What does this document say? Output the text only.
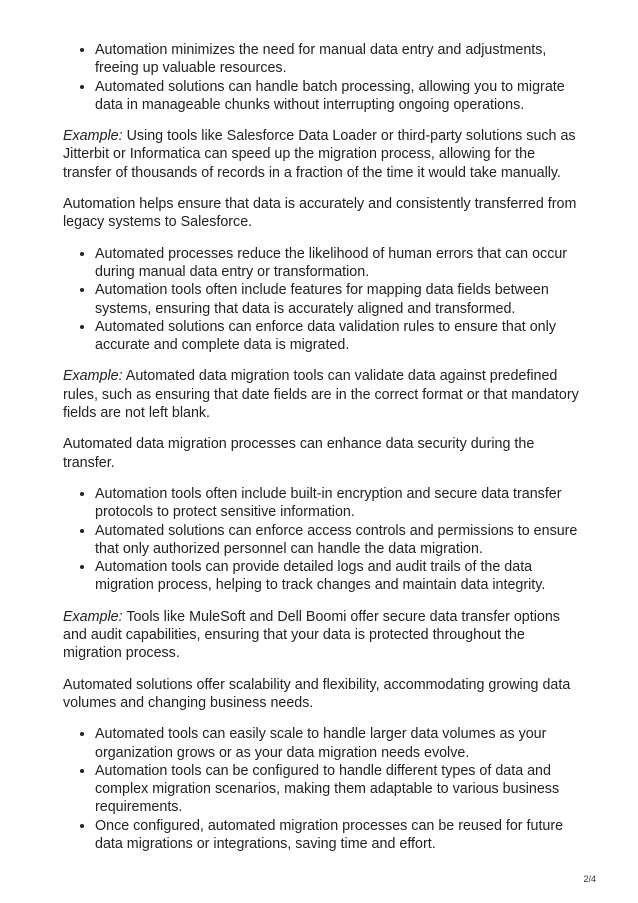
• Automation minimizes the need for manual data entry and adjustments, freeing up valuable resources.
• Automated solutions can handle batch processing, allowing you to migrate data in manageable chunks without interrupting ongoing operations.

Example: Using tools like Salesforce Data Loader or third-party solutions such as Jitterbit or Informatica can speed up the migration process, allowing for the transfer of thousands of records in a fraction of the time it would take manually.

Automation helps ensure that data is accurately and consistently transferred from legacy systems to Salesforce.

• Automated processes reduce the likelihood of human errors that can occur during manual data entry or transformation.
• Automation tools often include features for mapping data fields between systems, ensuring that data is accurately aligned and transformed.
• Automated solutions can enforce data validation rules to ensure that only accurate and complete data is migrated.

Example: Automated data migration tools can validate data against predefined rules, such as ensuring that date fields are in the correct format or that mandatory fields are not left blank.

Automated data migration processes can enhance data security during the transfer.

• Automation tools often include built-in encryption and secure data transfer protocols to protect sensitive information.
• Automated solutions can enforce access controls and permissions to ensure that only authorized personnel can handle the data migration.
• Automation tools can provide detailed logs and audit trails of the data migration process, helping to track changes and maintain data integrity.

Example: Tools like MuleSoft and Dell Boomi offer secure data transfer options and audit capabilities, ensuring that your data is protected throughout the migration process.

Automated solutions offer scalability and flexibility, accommodating growing data volumes and changing business needs.

• Automated tools can easily scale to handle larger data volumes as your organization grows or as your data migration needs evolve.
• Automation tools can be configured to handle different types of data and complex migration scenarios, making them adaptable to various business requirements.
• Once configured, automated migration processes can be reused for future data migrations or integrations, saving time and effort.
2/4
